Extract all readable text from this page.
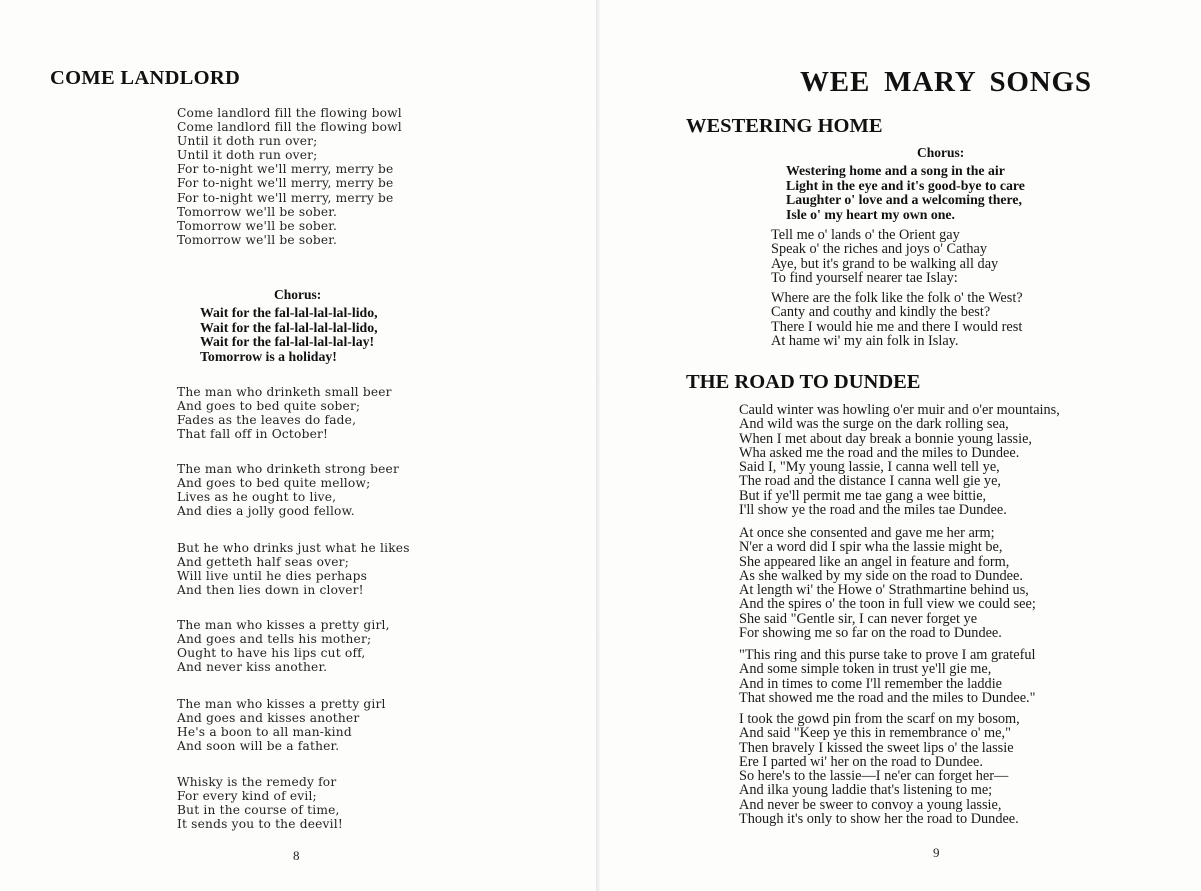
COME LANDLORD
Come landlord fill the flowing bowl
Come landlord fill the flowing bowl
Until it doth run over;
Until it doth run over;
For to-night we'll merry, merry be
For to-night we'll merry, merry be
For to-night we'll merry, merry be
Tomorrow we'll be sober.
Tomorrow we'll be sober.
Tomorrow we'll be sober.

Chorus:

Wait for the fal-lal-lal-lal-lido,
Wait for the fal-lal-lal-lal-lido,
Wait for the fal-lal-lal-lal-lay!
Tomorrow is a holiday!
The man who drinketh small beer
And goes to bed quite sober;
Fades as the leaves do fade,
That fall off in October!
The man who drinketh strong beer
And goes to bed quite mellow;
Lives as he ought to live,
And dies a jolly good fellow.
But he who drinks just what he likes
And getteth half seas over;
Will live until he dies perhaps
And then lies down in clover!
The man who kisses a pretty girl,
And goes and tells his mother;
Ought to have his lips cut off,
And never kiss another.
The man who kisses a pretty girl
And goes and kisses another
He's a boon to all man-kind
And soon will be a father.
Whisky is the remedy for
For every kind of evil;
But in the course of time,
It sends you to the deevil!

8

WEE MARY SONGS
WESTERING HOME

Chorus:

Westering home and a song in the air
Light in the eye and it's good-bye to care
Laughter o' love and a welcoming there,
Isle o' my heart my own one.
Tell me o' lands o' the Orient gay
Speak o' the riches and joys o' Cathay
Aye, but it's grand to be walking all day
To find yourself nearer tae Islay:
Where are the folk like the folk o' the West?
Canty and couthy and kindly the best?
There I would hie me and there I would rest
At hame wi' my ain folk in Islay.
THE ROAD TO DUNDEE
Cauld winter was howling o'er muir and o'er mountains,
And wild was the surge on the dark rolling sea,
When I met about day break a bonnie young lassie,
Wha asked me the road and the miles to Dundee.
Said I, "My young lassie, I canna well tell ye,
The road and the distance I canna well gie ye,
But if ye'll permit me tae gang a wee bittie,
I'll show ye the road and the miles tae Dundee.
At once she consented and gave me her arm;
N'er a word did I spir wha the lassie might be,
She appeared like an angel in feature and form,
As she walked by my side on the road to Dundee.
At length wi' the Howe o' Strathmartine behind us,
And the spires o' the toon in full view we could see;
She said "Gentle sir, I can never forget ye
For showing me so far on the road to Dundee.
"This ring and this purse take to prove I am grateful
And some simple token in trust ye'll gie me,
And in times to come I'll remember the laddie
That showed me the road and the miles to Dundee."
I took the gowd pin from the scarf on my bosom,
And said "Keep ye this in remembrance o' me,"
Then bravely I kissed the sweet lips o' the lassie
Ere I parted wi' her on the road to Dundee.
So here's to the lassie—I ne'er can forget her—
And ilka young laddie that's listening to me;
And never be sweer to convoy a young lassie,
Though it's only to show her the road to Dundee.

9
